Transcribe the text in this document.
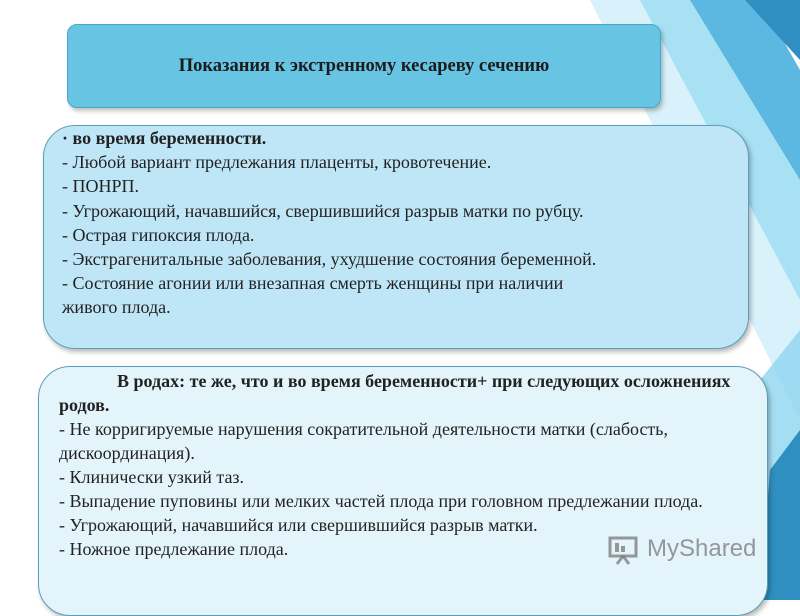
Показания к экстренному кесареву сечению
· во время беременности.
- Любой вариант предлежания плаценты, кровотечение.
- ПОНРП.
- Угрожающий, начавшийся, свершившийся разрыв матки по рубцу.
- Острая гипоксия плода.
- Экстрагенитальные заболевания, ухудшение состояния беременной.
- Состояние агонии или внезапная смерть женщины при наличии
живого плода.
В родах: те же, что и во время беременности+ при следующих осложнениях родов.
- Не корригируемые нарушения сократительной деятельности матки (слабость, дискоординация).
- Клинически узкий таз.
- Выпадение пуповины или мелких частей плода при головном предлежании плода.
- Угрожающий, начавшийся или свершившийся разрыв матки.
- Ножное предлежание плода.	MyShared
